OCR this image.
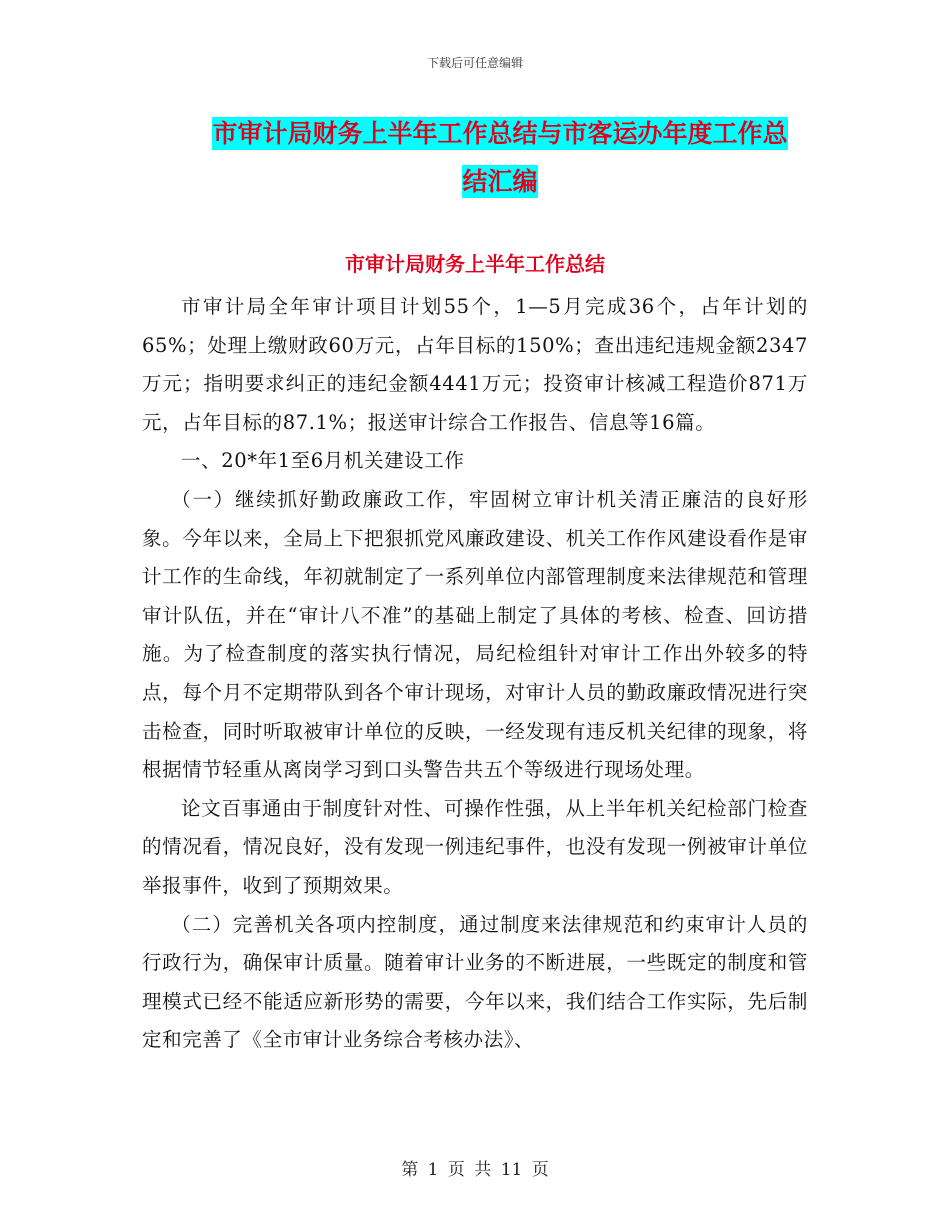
下载后可任意编辑
市审计局财务上半年工作总结与市客运办年度工作总
结汇编
市审计局财务上半年工作总结

市审计局全年审计项目计划55个，1—5月完成36个，占年计划的65%；处理上缴财政60万元，占年目标的150%；查出违纪违规金额2347万元；指明要求纠正的违纪金额4441万元；投资审计核减工程造价871万元，占年目标的87.1%；报送审计综合工作报告、信息等16篇。

一、20*年1至6月机关建设工作

（一）继续抓好勤政廉政工作，牢固树立审计机关清正廉洁的良好形象。今年以来，全局上下把狠抓党风廉政建设、机关工作作风建设看作是审计工作的生命线，年初就制定了一系列单位内部管理制度来法律规范和管理审计队伍，并在“审计八不准”的基础上制定了具体的考核、检查、回访措施。为了检查制度的落实执行情况，局纪检组针对审计工作出外较多的特点，每个月不定期带队到各个审计现场，对审计人员的勤政廉政情况进行突击检查，同时听取被审计单位的反映，一经发现有违反机关纪律的现象，将根据情节轻重从离岗学习到口头警告共五个等级进行现场处理。

论文百事通由于制度针对性、可操作性强，从上半年机关纪检部门检查的情况看，情况良好，没有发现一例违纪事件，也没有发现一例被审计单位举报事件，收到了预期效果。

（二）完善机关各项内控制度，通过制度来法律规范和约束审计人员的行政行为，确保审计质量。随着审计业务的不断进展，一些既定的制度和管理模式已经不能适应新形势的需要，今年以来，我们结合工作实际，先后制定和完善了《全市审计业务综合考核办法》、

第 1 页 共 11 页
